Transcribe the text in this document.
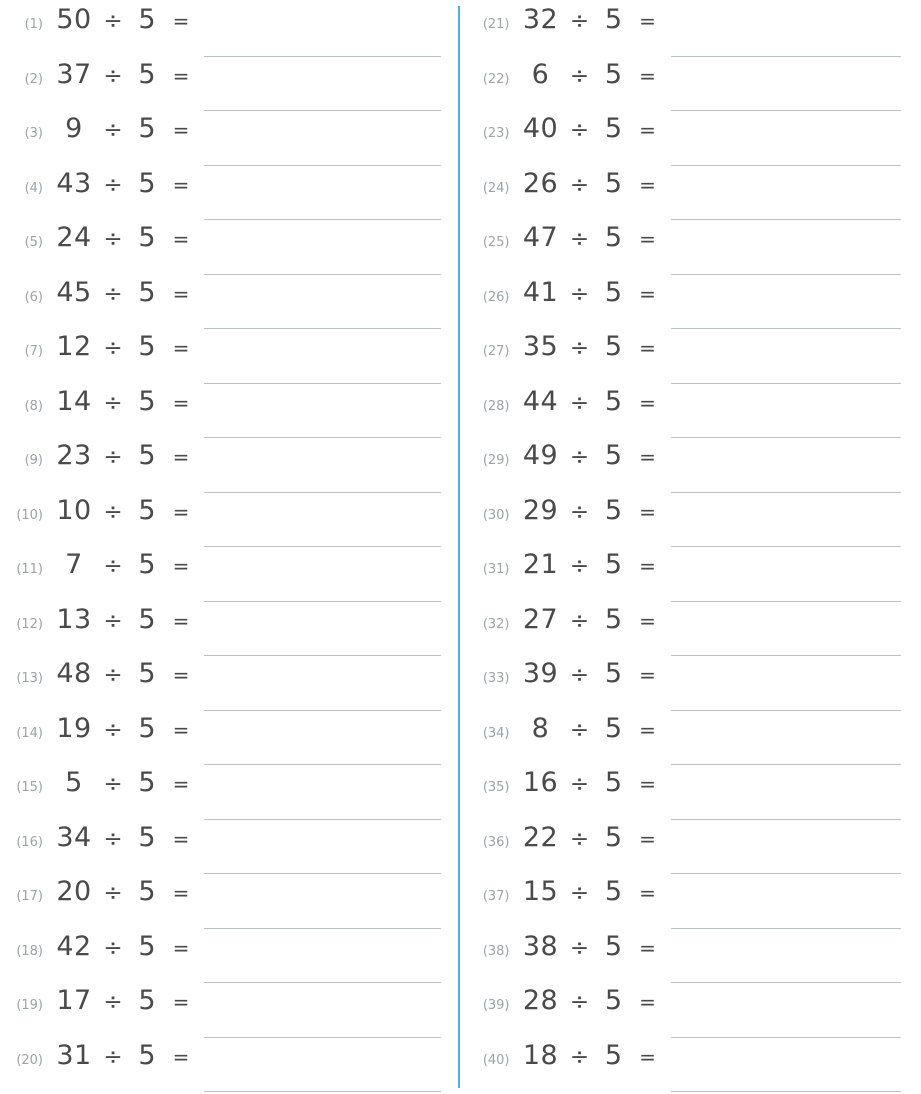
(1) 50 ÷ 5 =
(2) 37 ÷ 5 =
(3) 9 ÷ 5 =
(4) 43 ÷ 5 =
(5) 24 ÷ 5 =
(6) 45 ÷ 5 =
(7) 12 ÷ 5 =
(8) 14 ÷ 5 =
(9) 23 ÷ 5 =
(10) 10 ÷ 5 =
(11) 7 ÷ 5 =
(12) 13 ÷ 5 =
(13) 48 ÷ 5 =
(14) 19 ÷ 5 =
(15) 5 ÷ 5 =
(16) 34 ÷ 5 =
(17) 20 ÷ 5 =
(18) 42 ÷ 5 =
(19) 17 ÷ 5 =
(20) 31 ÷ 5 =
(21) 32 ÷ 5 =
(22) 6 ÷ 5 =
(23) 40 ÷ 5 =
(24) 26 ÷ 5 =
(25) 47 ÷ 5 =
(26) 41 ÷ 5 =
(27) 35 ÷ 5 =
(28) 44 ÷ 5 =
(29) 49 ÷ 5 =
(30) 29 ÷ 5 =
(31) 21 ÷ 5 =
(32) 27 ÷ 5 =
(33) 39 ÷ 5 =
(34) 8 ÷ 5 =
(35) 16 ÷ 5 =
(36) 22 ÷ 5 =
(37) 15 ÷ 5 =
(38) 38 ÷ 5 =
(39) 28 ÷ 5 =
(40) 18 ÷ 5 =
